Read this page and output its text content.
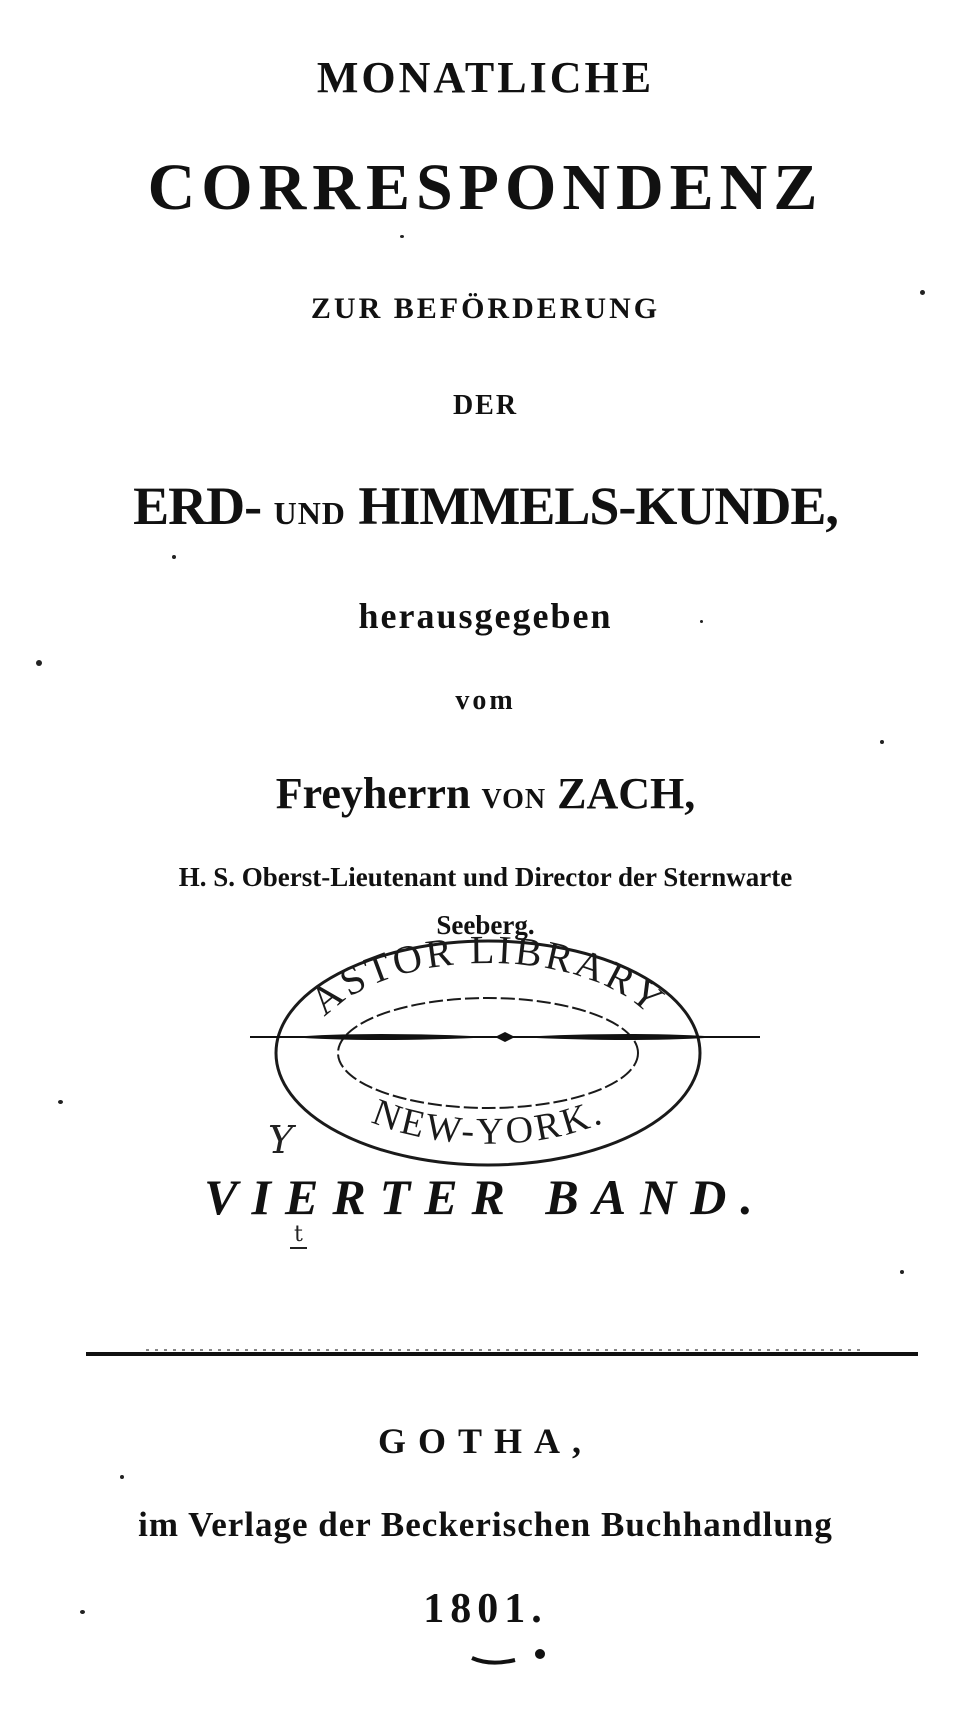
MONATLICHE
CORRESPONDENZ
ZUR BEFÖRDERUNG
DER
ERD- UND HIMMELS-KUNDE,
herausgegeben
vom
Freyherrn VON ZACH,
H. S. Oberst-Lieutenant und Director der Sternwarte
Seeberg.
ASTOR LIBRARY
NEW-YORK.
VIERTER BAND.
Y
t
GOTHA,
im Verlage der Beckerischen Buchhandlung
1801.
